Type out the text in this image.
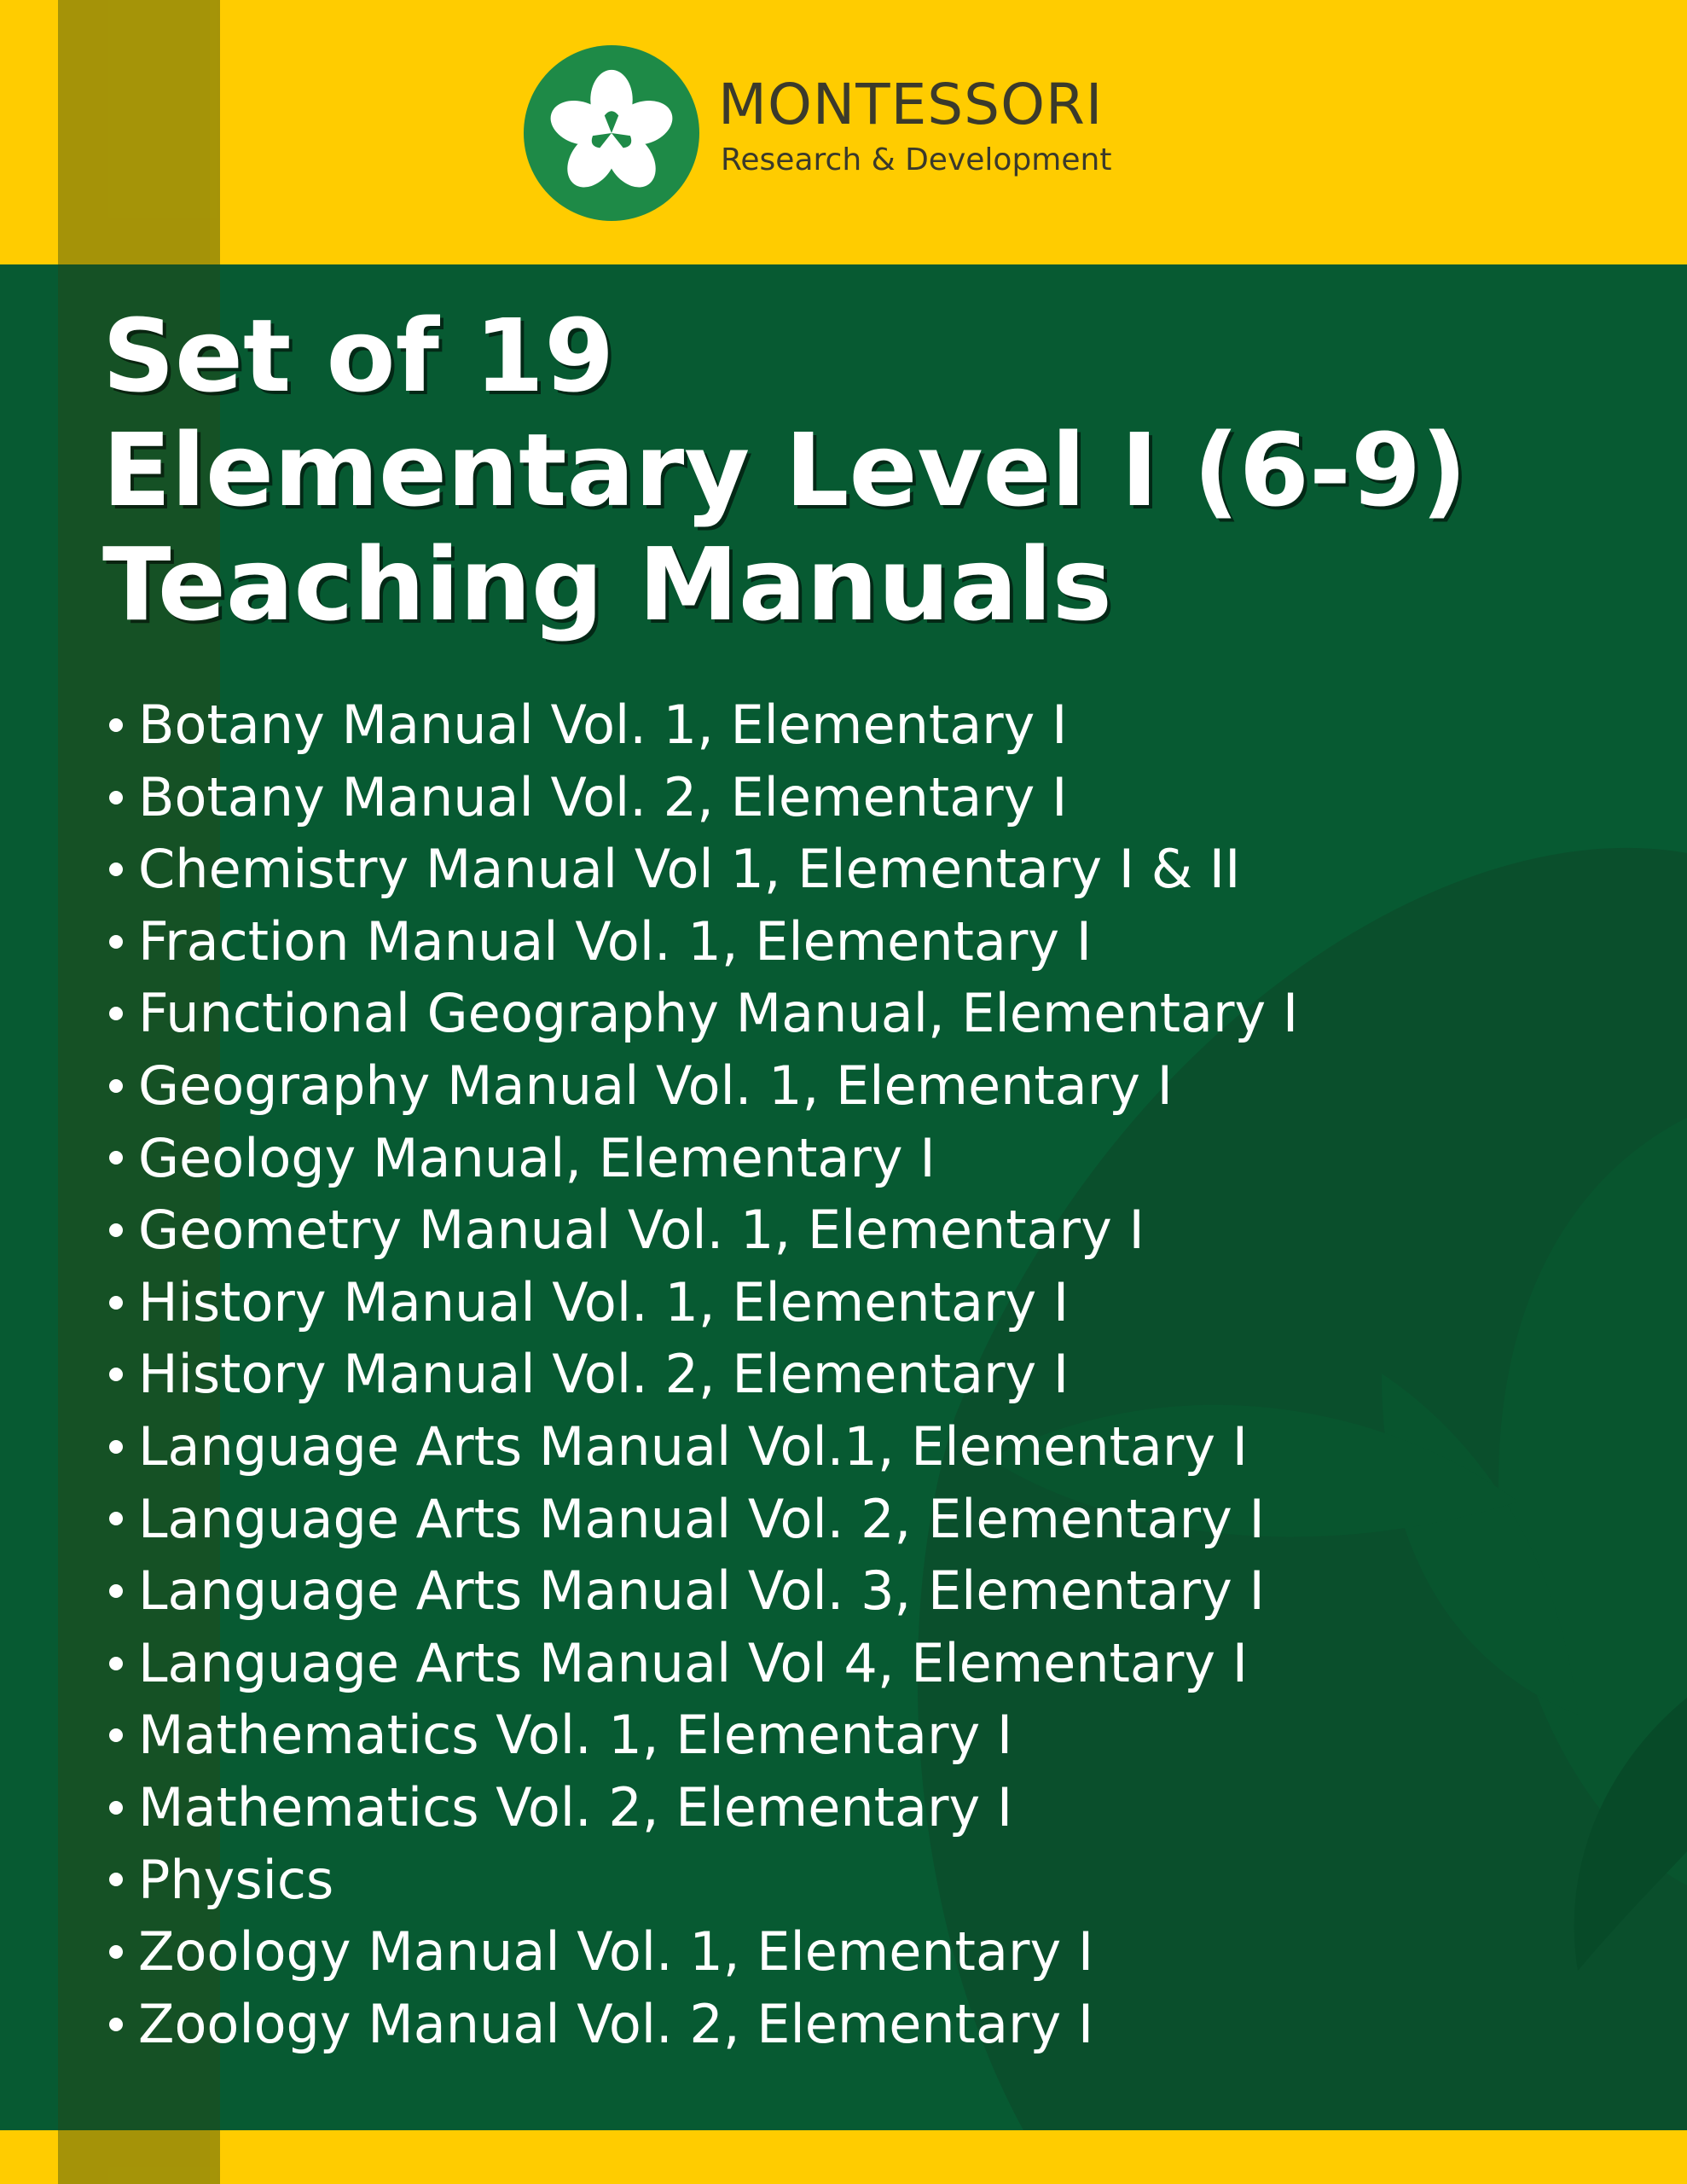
MONTESSORI
Research & Development
Set of 19
Elementary Level I (6-9)
Teaching Manuals
Botany Manual Vol. 1, Elementary I
Botany Manual Vol. 2, Elementary I
Chemistry Manual Vol 1, Elementary I & II
Fraction Manual Vol. 1, Elementary I
Functional Geography Manual, Elementary I
Geography Manual Vol. 1, Elementary I
Geology Manual, Elementary I
Geometry Manual Vol. 1, Elementary I
History Manual Vol. 1, Elementary I
History Manual Vol. 2, Elementary I
Language Arts Manual Vol.1, Elementary I
Language Arts Manual Vol. 2, Elementary I
Language Arts Manual Vol. 3, Elementary I
Language Arts Manual Vol 4, Elementary I
Mathematics Vol. 1, Elementary I
Mathematics Vol. 2, Elementary I
Physics
Zoology Manual Vol. 1, Elementary I
Zoology Manual Vol. 2, Elementary I
